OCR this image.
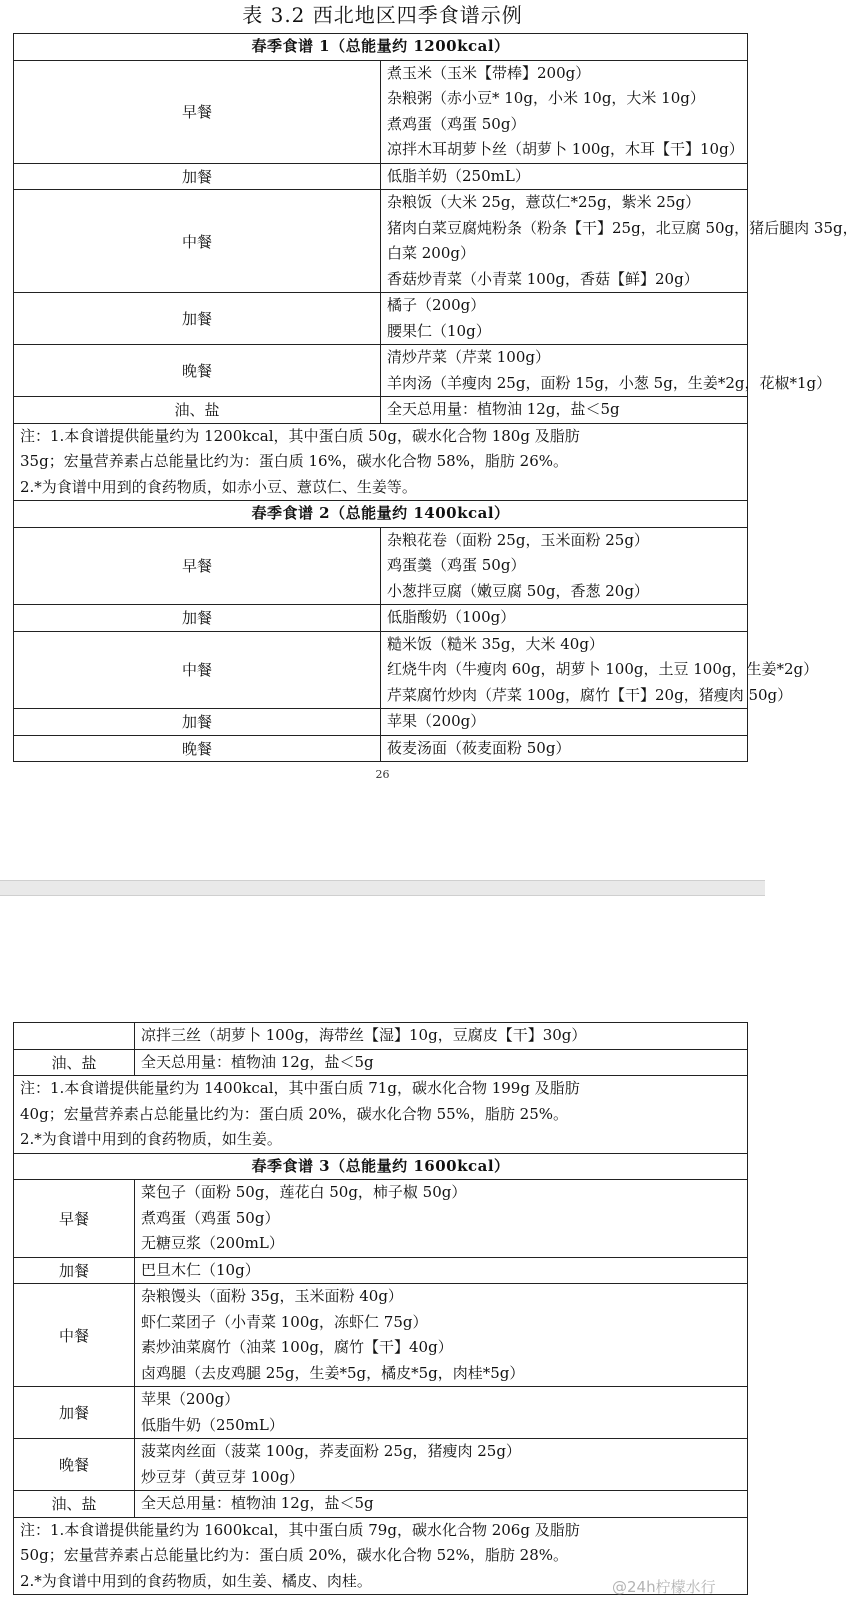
表 3.2 西北地区四季食谱示例
春季食谱 1（总能量约 1200kcal）	

早餐	煮玉米（玉米【带棒】200g）
杂粮粥（赤小豆* 10g，小米 10g，大米 10g）
煮鸡蛋（鸡蛋 50g）
凉拌木耳胡萝卜丝（胡萝卜 100g，木耳【干】10g）

加餐	低脂羊奶（250mL）

中餐	杂粮饭（大米 25g，薏苡仁*25g，紫米 25g）
猪肉白菜豆腐炖粉条（粉条【干】25g，北豆腐 50g，猪后腿肉 35g，
白菜 200g）
香菇炒青菜（小青菜 100g，香菇【鲜】20g）

加餐	橘子（200g）
腰果仁（10g）

晚餐	清炒芹菜（芹菜 100g）
羊肉汤（羊瘦肉 25g，面粉 15g，小葱 5g，生姜*2g，花椒*1g）

油、盐	全天总用量：植物油 12g，盐＜5g

注：1.本食谱提供能量约为 1200kcal，其中蛋白质 50g，碳水化合物 180g 及脂肪
35g；宏量营养素占总能量比约为：蛋白质 16%，碳水化合物 58%，脂肪 26%。
2.*为食谱中用到的食药物质，如赤小豆、薏苡仁、生姜等。	

春季食谱 2（总能量约 1400kcal）	

早餐	杂粮花卷（面粉 25g，玉米面粉 25g）
鸡蛋羹（鸡蛋 50g）
小葱拌豆腐（嫩豆腐 50g，香葱 20g）

加餐	低脂酸奶（100g）

中餐	糙米饭（糙米 35g，大米 40g）
红烧牛肉（牛瘦肉 60g，胡萝卜 100g，土豆 100g，生姜*2g）
芹菜腐竹炒肉（芹菜 100g，腐竹【干】20g，猪瘦肉 50g）

加餐	苹果（200g）

晚餐	莜麦汤面（莜麦面粉 50g）
26

	凉拌三丝（胡萝卜 100g，海带丝【湿】10g，豆腐皮【干】30g）

油、盐	全天总用量：植物油 12g，盐＜5g

注：1.本食谱提供能量约为 1400kcal，其中蛋白质 71g，碳水化合物 199g 及脂肪
40g；宏量营养素占总能量比约为：蛋白质 20%，碳水化合物 55%，脂肪 25%。
2.*为食谱中用到的食药物质，如生姜。	

春季食谱 3（总能量约 1600kcal）	

早餐	菜包子（面粉 50g，莲花白 50g，柿子椒 50g）
煮鸡蛋（鸡蛋 50g）
无糖豆浆（200mL）

加餐	巴旦木仁（10g）

中餐	杂粮馒头（面粉 35g，玉米面粉 40g）
虾仁菜团子（小青菜 100g，冻虾仁 75g）
素炒油菜腐竹（油菜 100g，腐竹【干】40g）
卤鸡腿（去皮鸡腿 25g，生姜*5g，橘皮*5g，肉桂*5g）

加餐	苹果（200g）
低脂牛奶（250mL）

晚餐	菠菜肉丝面（菠菜 100g，荞麦面粉 25g，猪瘦肉 25g）
炒豆芽（黄豆芽 100g）

油、盐	全天总用量：植物油 12g，盐＜5g

注：1.本食谱提供能量约为 1600kcal，其中蛋白质 79g，碳水化合物 206g 及脂肪
50g；宏量营养素占总能量比约为：蛋白质 20%，碳水化合物 52%，脂肪 28%。
2.*为食谱中用到的食药物质，如生姜、橘皮、肉桂。		@24h柠檬水行
